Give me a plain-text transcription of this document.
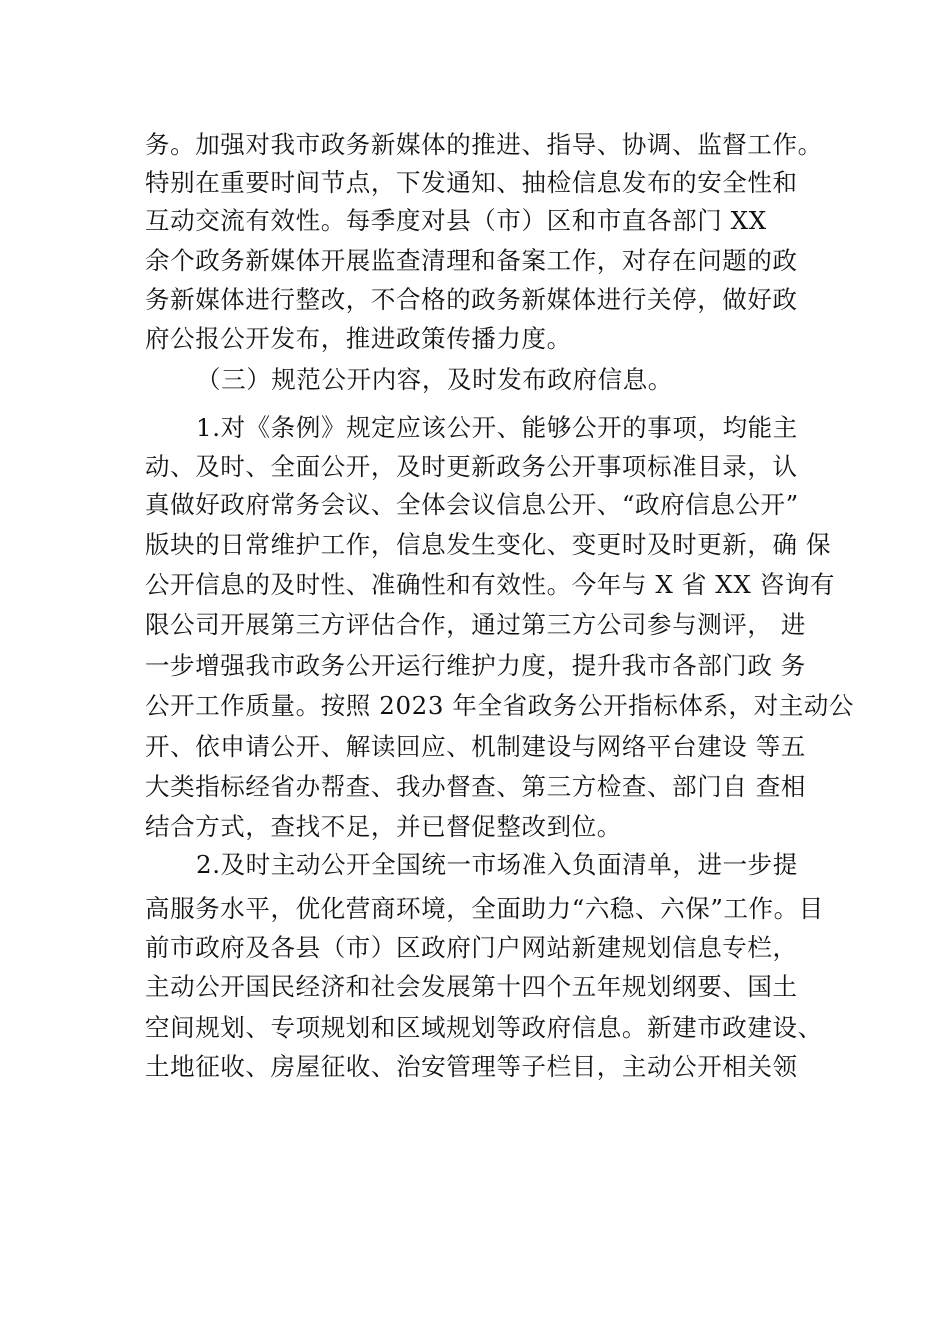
务。加强对我市政务新媒体的推进、指导、协调、监督工作。
特别在重要时间节点，下发通知、抽检信息发布的安全性和
互动交流有效性。每季度对县（市）区和市直各部门 XX
余个政务新媒体开展监查清理和备案工作，对存在问题的政
务新媒体进行整改，不合格的政务新媒体进行关停，做好政
府公报公开发布，推进政策传播力度。
（三）规范公开内容，及时发布政府信息。
1.对《条例》规定应该公开、能够公开的事项，均能主
动、及时、全面公开，及时更新政务公开事项标准目录，认
真做好政府常务会议、全体会议信息公开、“政府信息公开”
版块的日常维护工作，信息发生变化、变更时及时更新，确 保
公开信息的及时性、准确性和有效性。今年与 X 省 XX 咨询有
限公司开展第三方评估合作，通过第三方公司参与测评， 进
一步增强我市政务公开运行维护力度，提升我市各部门政 务
公开工作质量。按照 2023 年全省政务公开指标体系，对主动公
开、依申请公开、解读回应、机制建设与网络平台建设 等五
大类指标经省办帮查、我办督查、第三方检查、部门自 查相
结合方式，查找不足，并已督促整改到位。
2.及时主动公开全国统一市场准入负面清单，进一步提
高服务水平，优化营商环境，全面助力“六稳、六保”工作。目
前市政府及各县（市）区政府门户网站新建规划信息专栏，
主动公开国民经济和社会发展第十四个五年规划纲要、国土
空间规划、专项规划和区域规划等政府信息。新建市政建设、
土地征收、房屋征收、治安管理等子栏目，主动公开相关领
